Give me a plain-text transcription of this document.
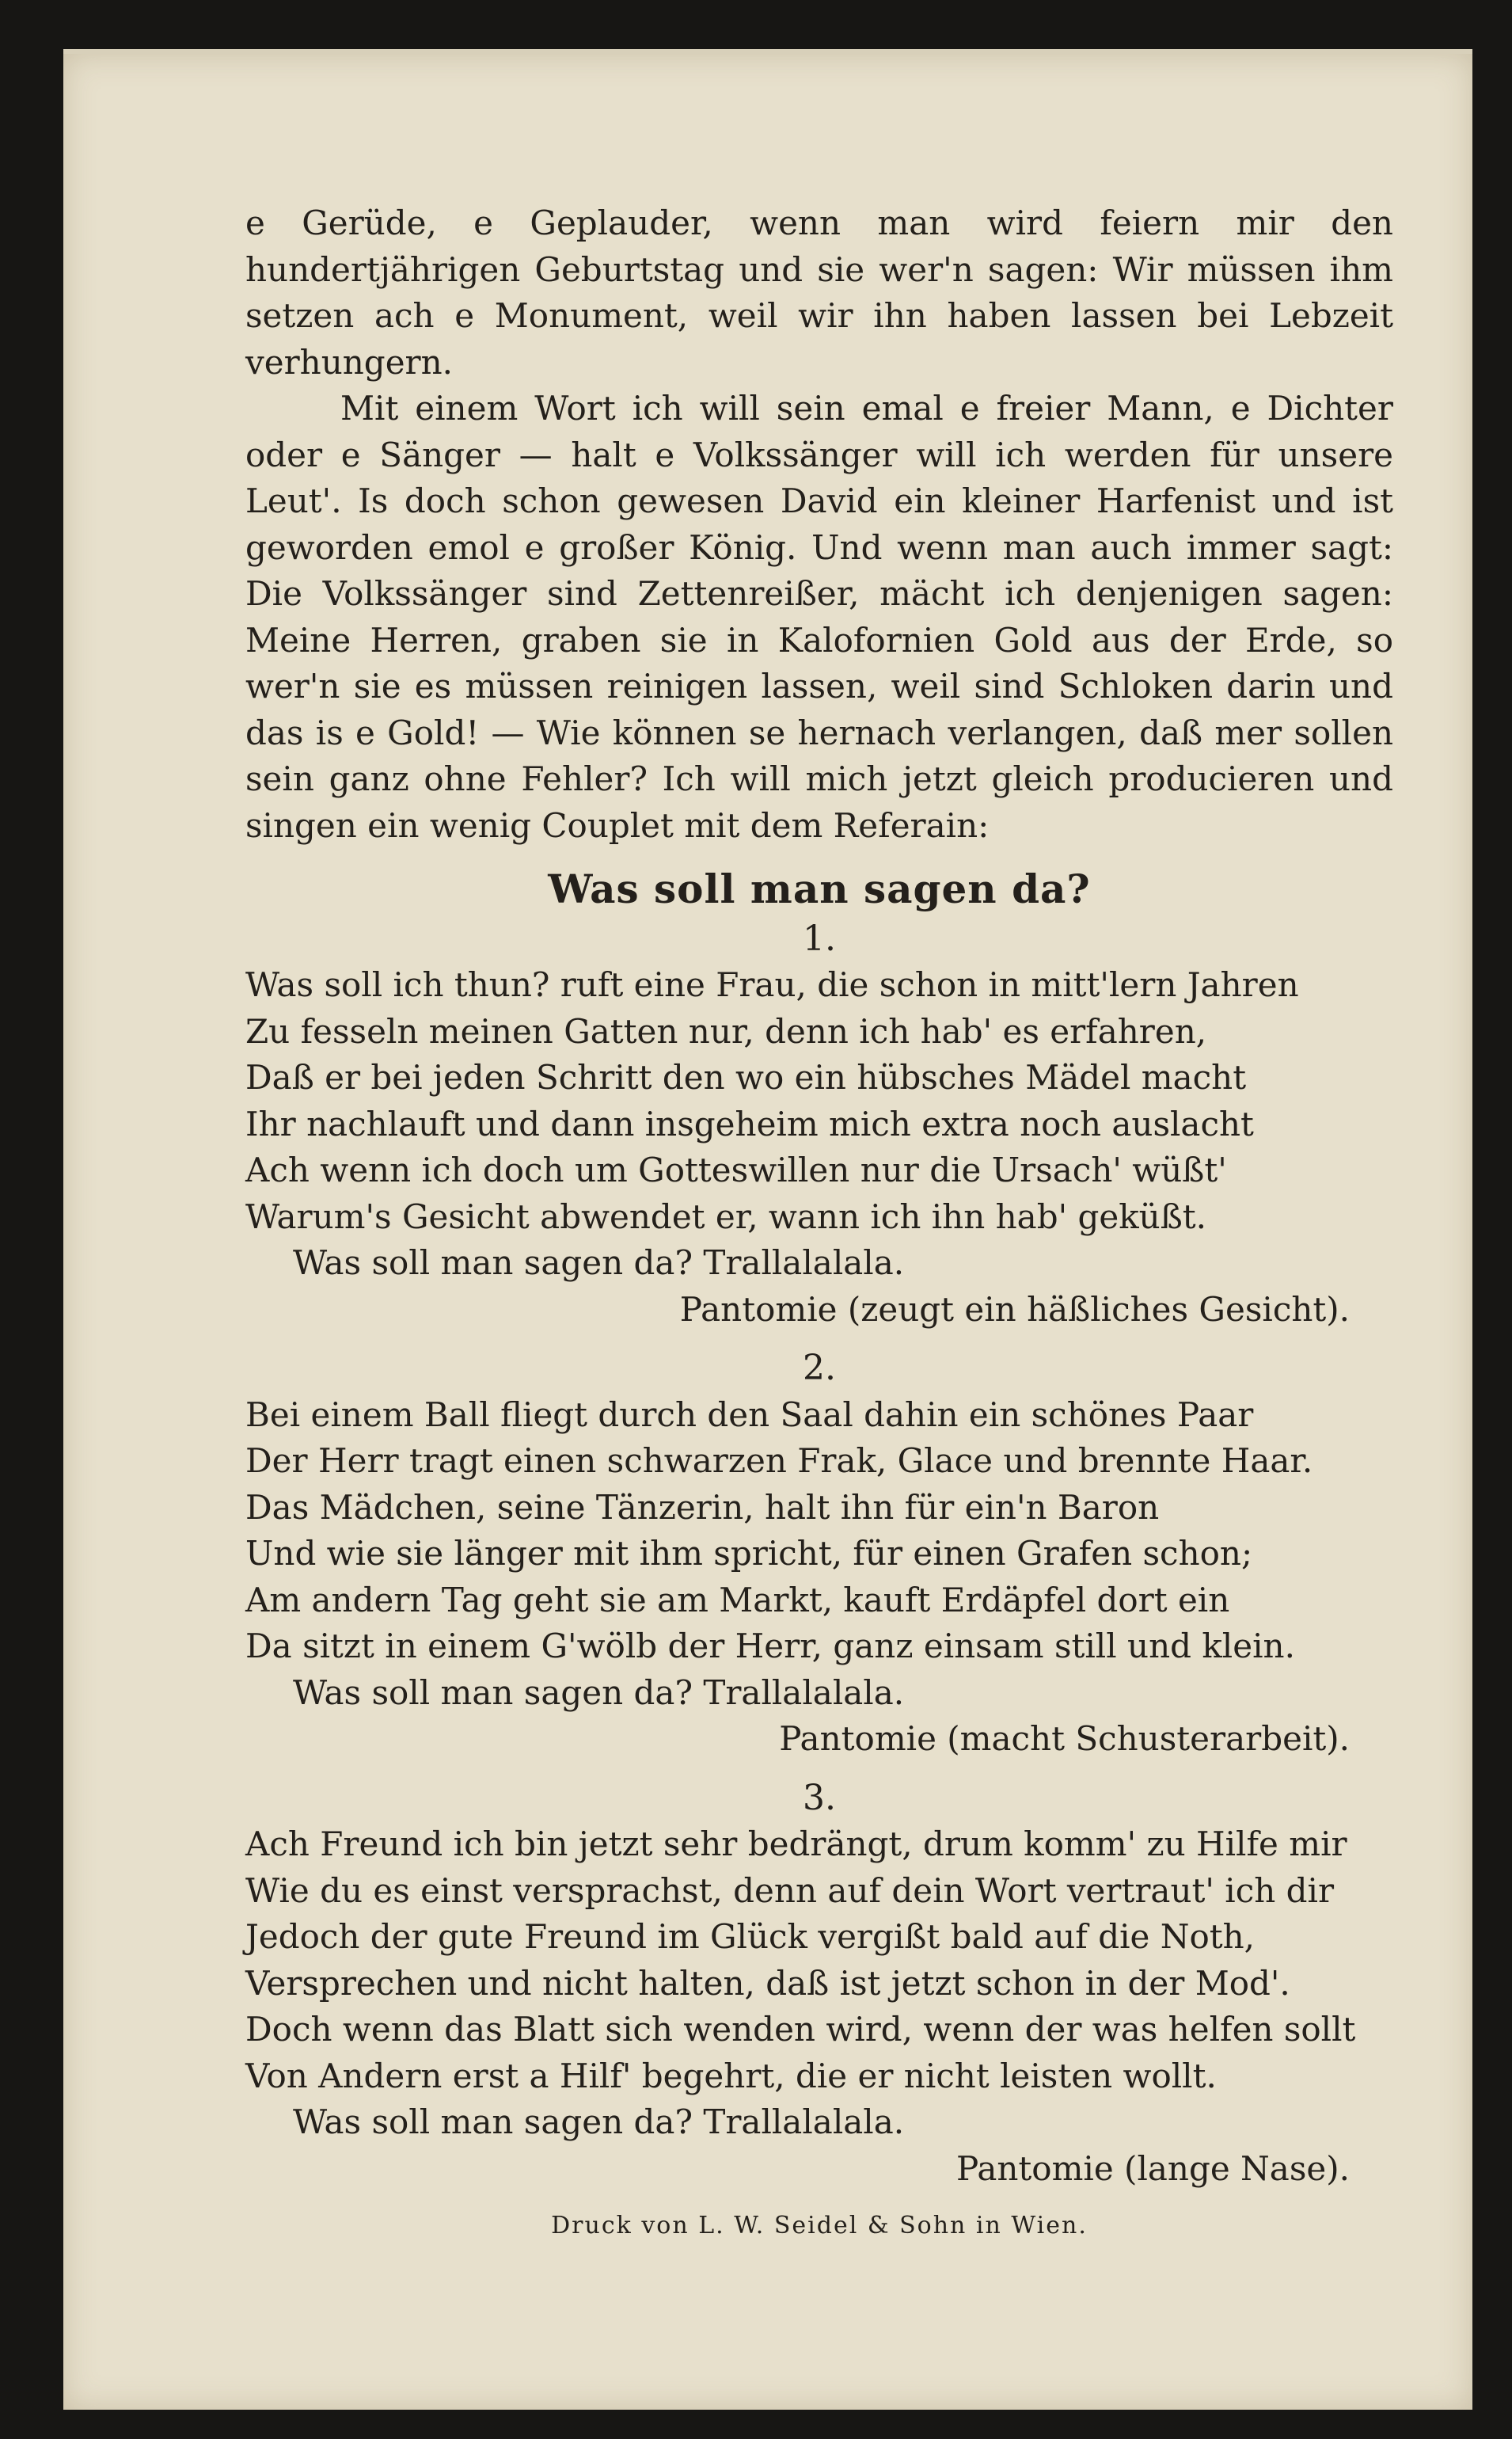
e Gerüde, e Geplauder, wenn man wird feiern mir den hundertjährigen Geburtstag und sie wer'n sagen: Wir müssen ihm setzen ach e Monument, weil wir ihn haben lassen bei Lebzeit verhungern.

Mit einem Wort ich will sein emal e freier Mann, e Dichter oder e Sänger — halt e Volkssänger will ich werden für unsere Leut'. Is doch schon gewesen David ein kleiner Harfenist und ist geworden emol e großer König. Und wenn man auch immer sagt: Die Volkssänger sind Zettenreißer, mächt ich denjenigen sagen: Meine Herren, graben sie in Kalofornien Gold aus der Erde, so wer'n sie es müssen reinigen lassen, weil sind Schloken darin und das is e Gold! — Wie können se hernach verlangen, daß mer sollen sein ganz ohne Fehler? Ich will mich jetzt gleich producieren und singen ein wenig Couplet mit dem Referain:

Was soll man sagen da?

1.

Was soll ich thun? ruft eine Frau, die schon in mitt'lern Jahren

Zu fesseln meinen Gatten nur, denn ich hab' es erfahren,

Daß er bei jeden Schritt den wo ein hübsches Mädel macht

Ihr nachlauft und dann insgeheim mich extra noch auslacht

Ach wenn ich doch um Gotteswillen nur die Ursach' wüßt'

Warum's Gesicht abwendet er, wann ich ihn hab' geküßt.

Was soll man sagen da? Trallalalala.

Pantomie (zeugt ein häßliches Gesicht).

2.

Bei einem Ball fliegt durch den Saal dahin ein schönes Paar

Der Herr tragt einen schwarzen Frak, Glace und brennte Haar.

Das Mädchen, seine Tänzerin, halt ihn für ein'n Baron

Und wie sie länger mit ihm spricht, für einen Grafen schon;

Am andern Tag geht sie am Markt, kauft Erdäpfel dort ein

Da sitzt in einem G'wölb der Herr, ganz einsam still und klein.

Was soll man sagen da? Trallalalala.

Pantomie (macht Schusterarbeit).

3.

Ach Freund ich bin jetzt sehr bedrängt, drum komm' zu Hilfe mir

Wie du es einst versprachst, denn auf dein Wort vertraut' ich dir

Jedoch der gute Freund im Glück vergißt bald auf die Noth,

Versprechen und nicht halten, daß ist jetzt schon in der Mod'.

Doch wenn das Blatt sich wenden wird, wenn der was helfen sollt

Von Andern erst a Hilf' begehrt, die er nicht leisten wollt.

Was soll man sagen da? Trallalalala.

Pantomie (lange Nase).

Druck von L. W. Seidel & Sohn in Wien.
